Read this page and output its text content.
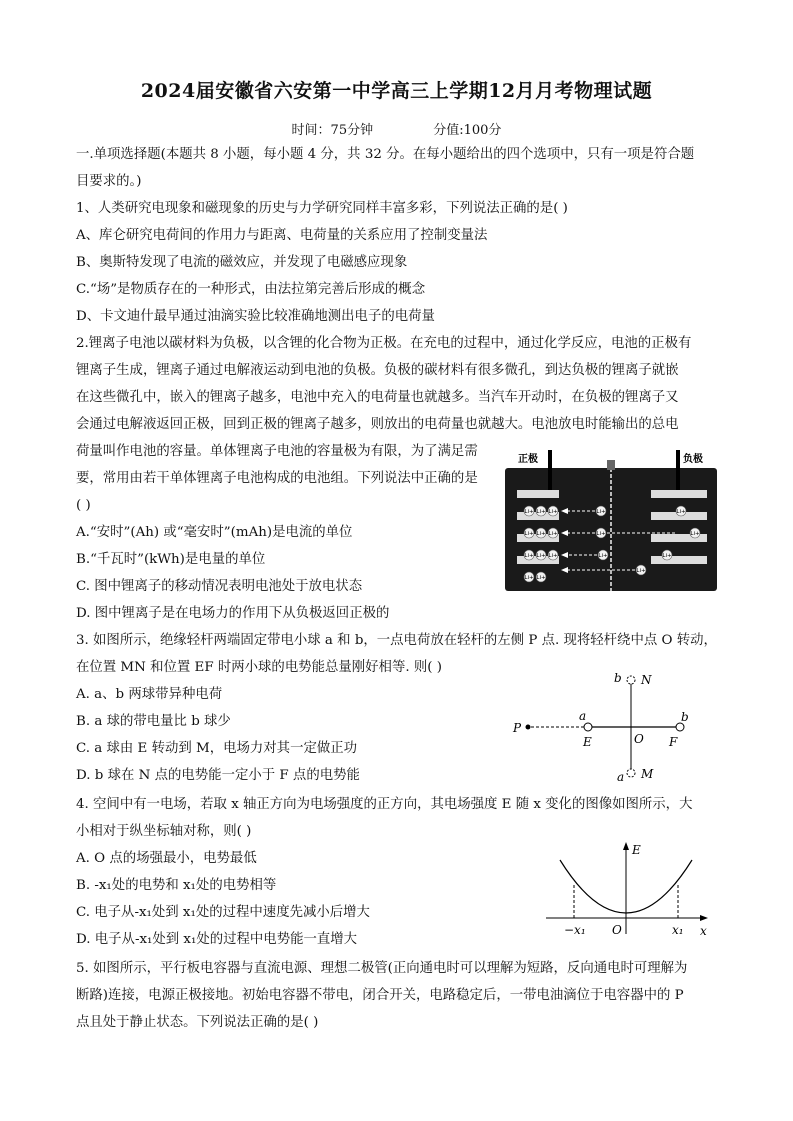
2024届安徽省六安第一中学高三上学期12月月考物理试题
时间：75分钟	分值:100分
一.单项选择题(本题共 8 小题，每小题 4 分，共 32 分。在每小题给出的四个选项中，只有一项是符合题
目要求的。)
1、人类研究电现象和磁现象的历史与力学研究同样丰富多彩，下列说法正确的是( )
A、库仑研究电荷间的作用力与距离、电荷量的关系应用了控制变量法
B、奥斯特发现了电流的磁效应，并发现了电磁感应现象
C.“场”是物质存在的一种形式，由法拉第完善后形成的概念
D、卡文迪什最早通过油滴实验比较准确地测出电子的电荷量
2.锂离子电池以碳材料为负极，以含锂的化合物为正极。在充电的过程中，通过化学反应，电池的正极有
锂离子生成，锂离子通过电解液运动到电池的负极。负极的碳材料有很多微孔，到达负极的锂离子就嵌
在这些微孔中，嵌入的锂离子越多，电池中充入的电荷量也就越多。当汽车开动时，在负极的锂离子又
会通过电解液返回正极，回到正极的锂离子越多，则放出的电荷量也就越大。电池放电时能输出的总电
荷量叫作电池的容量。单体锂离子电池的容量极为有限，为了满足需
要，常用由若干单体锂离子电池构成的电池组。下列说法中正确的是
( )
A.“安时”(Ah) 或“毫安时”(mAh)是电流的单位
B.“千瓦时”(kWh)是电量的单位
C. 图中锂离子的移动情况表明电池处于放电状态
D. 图中锂离子是在电场力的作用下从负极返回正极的
正极	负极
Li+ Li+ Li+
Li+ Li+ Li+
Li+ Li+ Li+
Li+ Li+
Li+
Li+
Li+
Li+
Li+
Li+
Li+
3. 如图所示，绝缘轻杆两端固定带电小球 a 和 b，一点电荷放在轻杆的左侧 P 点. 现将轻杆绕中点 O 转动，
在位置 MN 和位置 EF 时两小球的电势能总量刚好相等. 则( )
A. a、b 两球带异种电荷
B. a 球的带电量比 b 球少
C. a 球由 E 转动到 M，电场力对其一定做正功
D. b 球在 N 点的电势能一定小于 F 点的电势能
P
a	b
E	O F
b N
a M
4. 空间中有一电场，若取 x 轴正方向为电场强度的正方向，其电场强度 E 随 x 变化的图像如图所示，大
小相对于纵坐标轴对称，则( )
A. O 点的场强最小，电势最低
B. -x₁处的电势和 x₁处的电势相等
C. 电子从-x₁处到 x₁处的过程中速度先减小后增大
D. 电子从-x₁处到 x₁处的过程中电势能一直增大
E
x
O
−x₁	x₁
5. 如图所示，平行板电容器与直流电源、理想二极管(正向通电时可以理解为短路，反向通电时可理解为
断路)连接，电源正极接地。初始电容器不带电，闭合开关，电路稳定后，一带电油滴位于电容器中的 P
点且处于静止状态。下列说法正确的是( )
